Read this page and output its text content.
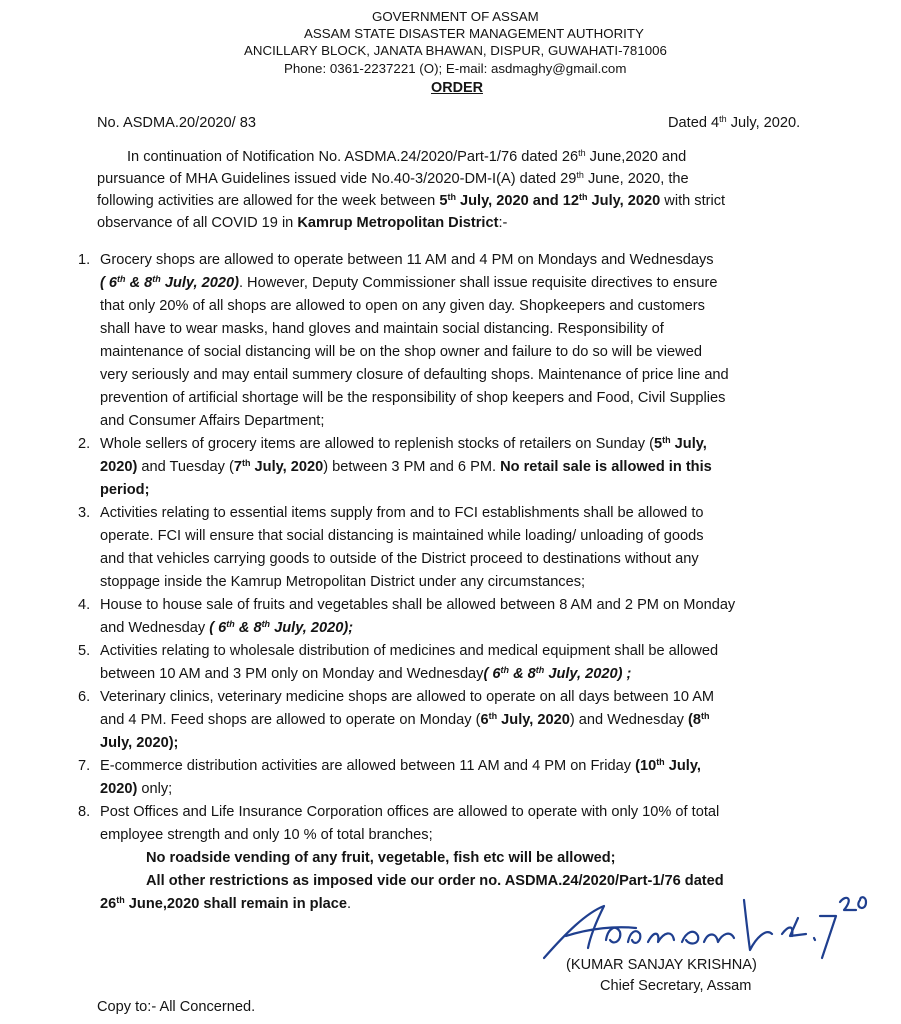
GOVERNMENT OF ASSAM
ASSAM STATE DISASTER MANAGEMENT AUTHORITY
ANCILLARY BLOCK, JANATA BHAWAN, DISPUR, GUWAHATI-781006
Phone: 0361-2237221 (O); E-mail: asdmaghy@gmail.com
ORDER
No. ASDMA.20/2020/ 83	Dated 4th July, 2020.
In continuation of Notification No. ASDMA.24/2020/Part-1/76 dated 26th June,2020 and
pursuance of MHA Guidelines issued vide No.40-3/2020-DM-I(A) dated 29th June, 2020, the
following activities are allowed for the week between 5th July, 2020 and 12th July, 2020 with strict
observance of all COVID 19 in Kamrup Metropolitan District:-
1. Grocery shops are allowed to operate between 11 AM and 4 PM on Mondays and Wednesdays
( 6th & 8th July, 2020). However, Deputy Commissioner shall issue requisite directives to ensure
that only 20% of all shops are allowed to open on any given day. Shopkeepers and customers
shall have to wear masks, hand gloves and maintain social distancing. Responsibility of
maintenance of social distancing will be on the shop owner and failure to do so will be viewed
very seriously and may entail summery closure of defaulting shops. Maintenance of price line and
prevention of artificial shortage will be the responsibility of shop keepers and Food, Civil Supplies
and Consumer Affairs Department;
2. Whole sellers of grocery items are allowed to replenish stocks of retailers on Sunday (5th July,
2020) and Tuesday (7th July, 2020) between 3 PM and 6 PM. No retail sale is allowed in this
period;
3. Activities relating to essential items supply from and to FCI establishments shall be allowed to
operate. FCI will ensure that social distancing is maintained while loading/ unloading of goods
and that vehicles carrying goods to outside of the District proceed to destinations without any
stoppage inside the Kamrup Metropolitan District under any circumstances;
4. House to house sale of fruits and vegetables shall be allowed between 8 AM and 2 PM on Monday
and Wednesday ( 6th & 8th July, 2020);
5. Activities relating to wholesale distribution of medicines and medical equipment shall be allowed
between 10 AM and 3 PM only on Monday and Wednesday( 6th & 8th July, 2020) ;
6. Veterinary clinics, veterinary medicine shops are allowed to operate on all days between 10 AM
and 4 PM. Feed shops are allowed to operate on Monday (6th July, 2020) and Wednesday (8th
July, 2020);
7. E-commerce distribution activities are allowed between 11 AM and 4 PM on Friday (10th July,
2020) only;
8. Post Offices and Life Insurance Corporation offices are allowed to operate with only 10% of total
employee strength and only 10 % of total branches;
No roadside vending of any fruit, vegetable, fish etc will be allowed;
All other restrictions as imposed vide our order no. ASDMA.24/2020/Part-1/76 dated
26th June,2020 shall remain in place.
(KUMAR SANJAY KRISHNA)
Chief Secretary, Assam
Copy to:- All Concerned.
